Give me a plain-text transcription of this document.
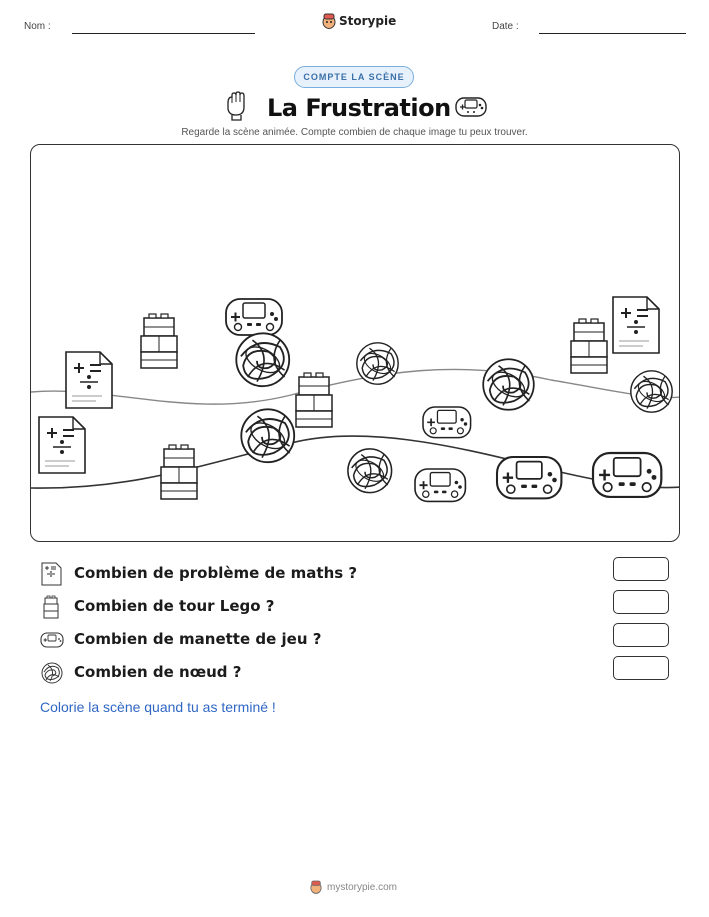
Nom :	Storypie	Date :
COMPTE LA SCÈNE
La Frustration
Regarde la scène animée. Compte combien de chaque image tu peux trouver.
Combien de problème de maths ?
Combien de tour Lego ?
Combien de manette de jeu ?
Combien de nœud ?
Colorie la scène quand tu as terminé !
mystorypie.com
